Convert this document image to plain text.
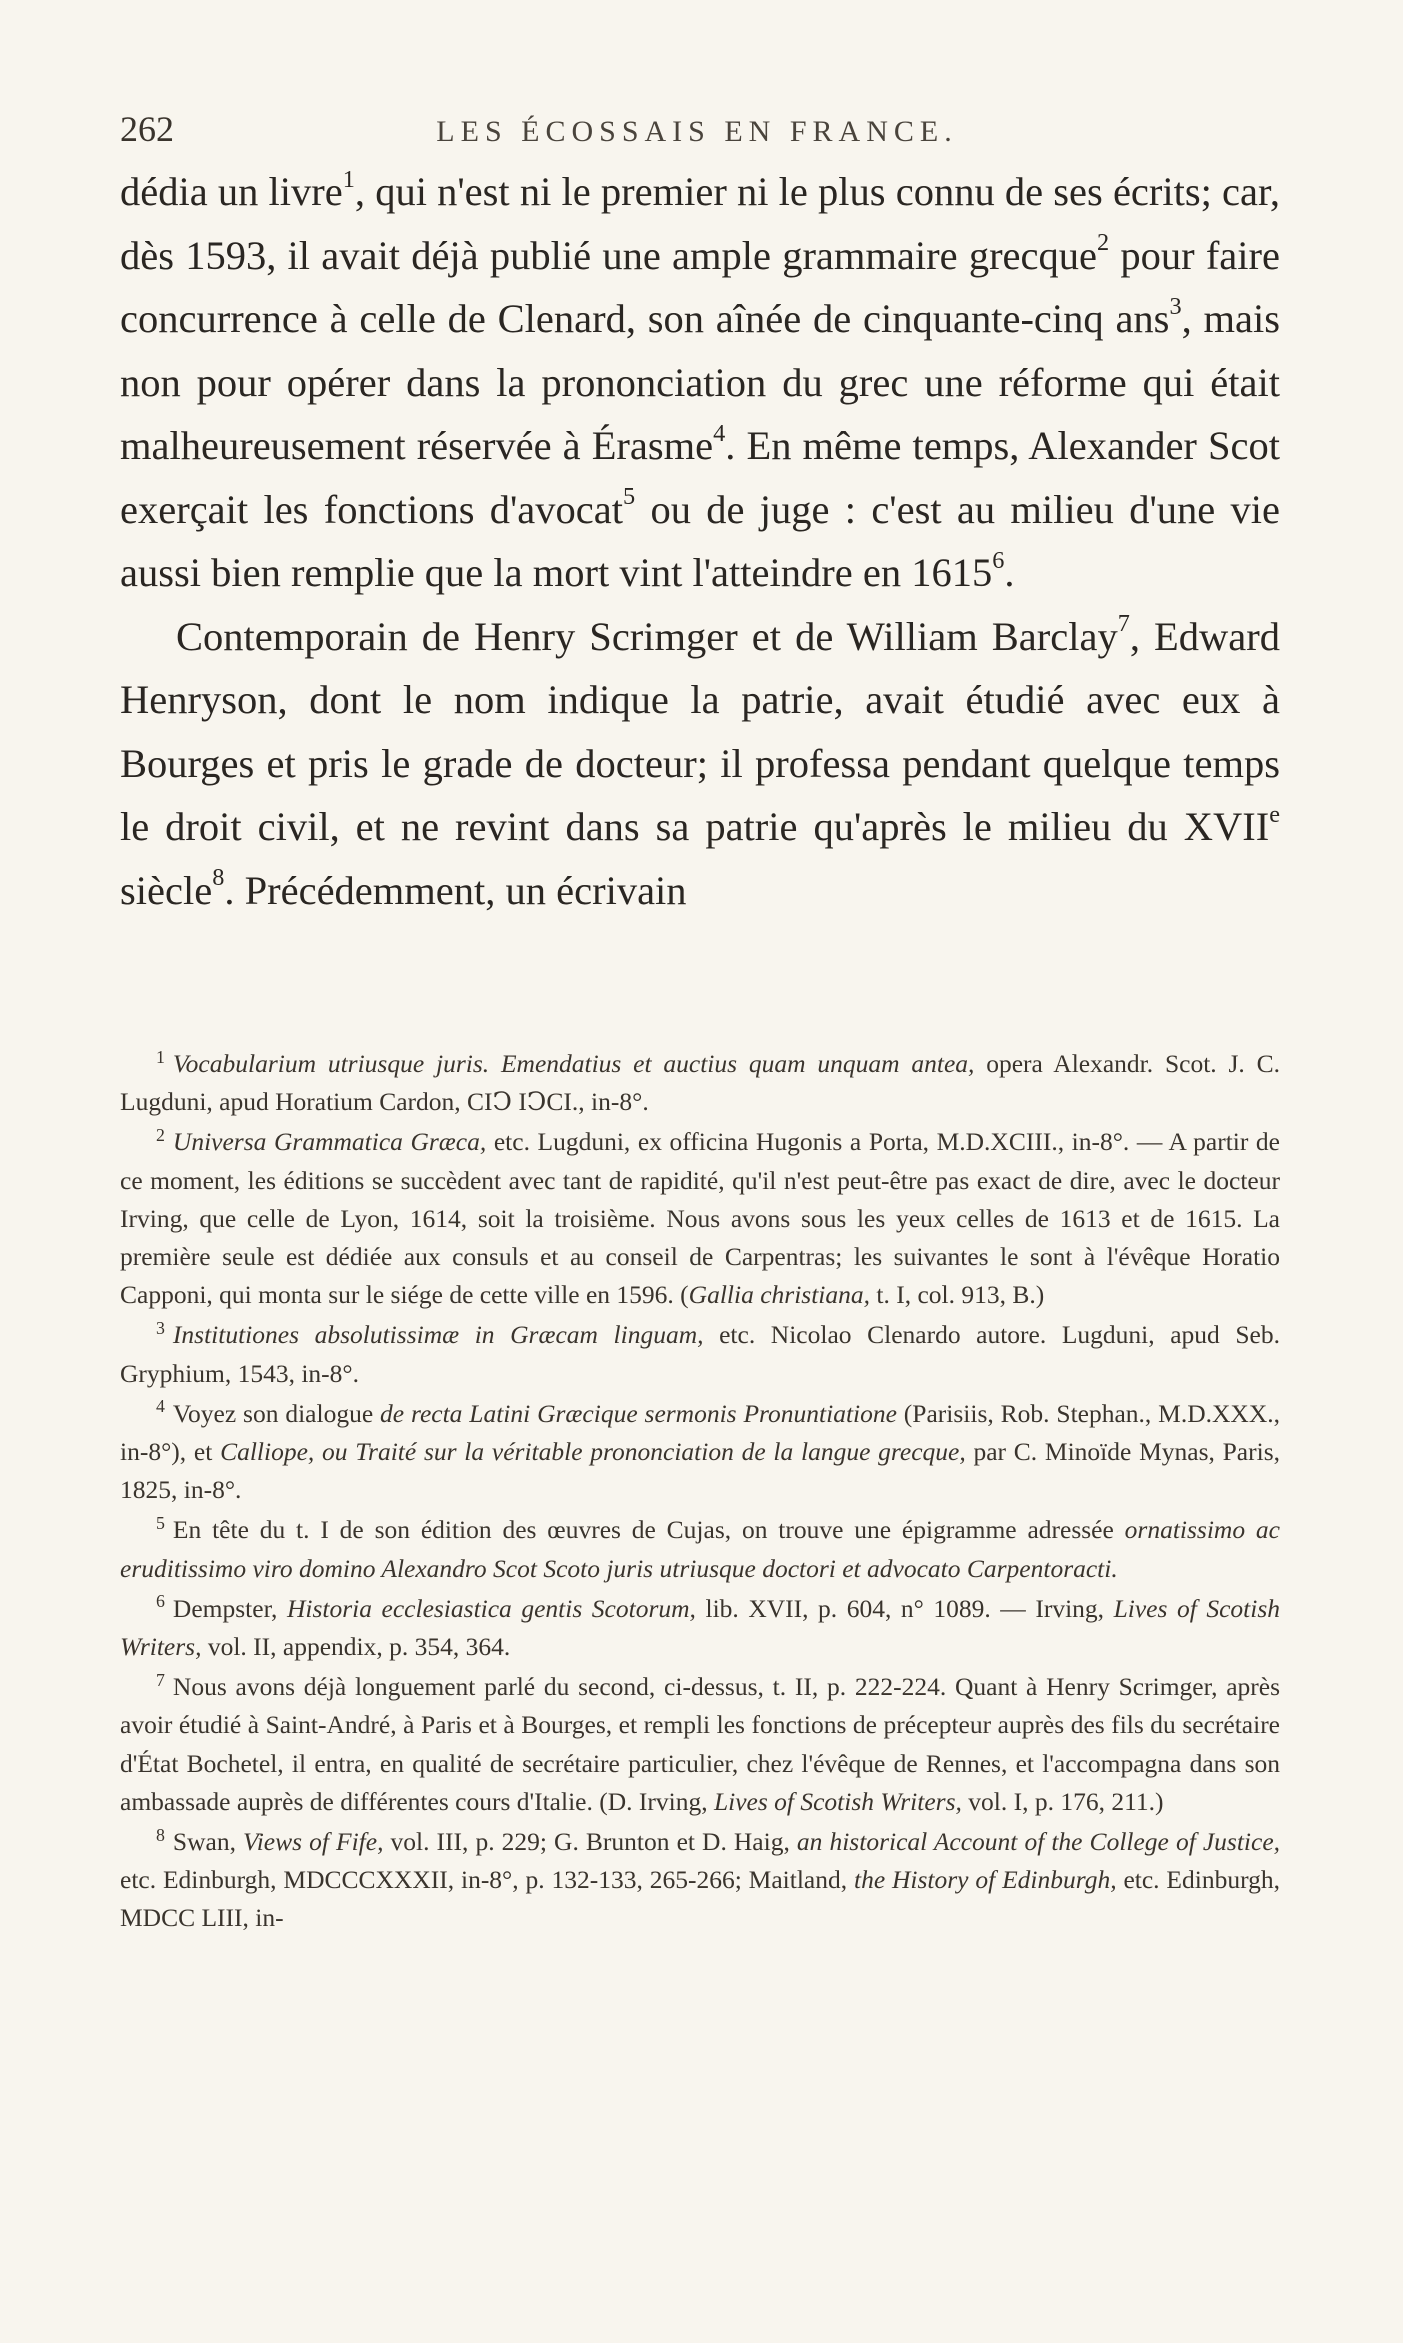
262	LES ÉCOSSAIS EN FRANCE.

dédia un livre$^1$, qui n'est ni le premier ni le plus connu de ses écrits; car, dès 1593, il avait déjà publié une ample grammaire grecque$^2$ pour faire concurrence à celle de Clenard, son aînée de cinquante-cinq ans$^3$, mais non pour opérer dans la prononciation du grec une réforme qui était malheureusement réservée à Érasme$^4$. En même temps, Alexander Scot exerçait les fonctions d'avocat$^5$ ou de juge : c'est au milieu d'une vie aussi bien remplie que la mort vint l'atteindre en 1615$^6$.

Contemporain de Henry Scrimger et de William Barclay$^7$, Edward Henryson, dont le nom indique la patrie, avait étudié avec eux à Bourges et pris le grade de docteur; il professa pendant quelque temps le droit civil, et ne revint dans sa patrie qu'après le milieu du XVIIe siècle$^8$. Précédemment, un écrivain

$^1$ Vocabularium utriusque juris. Emendatius et auctius quam unquam antea, opera Alexandr. Scot. J. C. Lugduni, apud Horatium Cardon, CIↃ IↃCI., in-8°.

$^2$ Universa Grammatica Græca, etc. Lugduni, ex officina Hugonis a Porta, M.D.XCIII., in-8°. — A partir de ce moment, les éditions se succèdent avec tant de rapidité, qu'il n'est peut-être pas exact de dire, avec le docteur Irving, que celle de Lyon, 1614, soit la troisième. Nous avons sous les yeux celles de 1613 et de 1615. La première seule est dédiée aux consuls et au conseil de Carpentras; les suivantes le sont à l'évêque Horatio Capponi, qui monta sur le siége de cette ville en 1596. (Gallia christiana, t. I, col. 913, B.)

$^3$ Institutiones absolutissimæ in Græcam linguam, etc. Nicolao Clenardo autore. Lugduni, apud Seb. Gryphium, 1543, in-8°.

$^4$ Voyez son dialogue de recta Latini Græcique sermonis Pronuntiatione (Parisiis, Rob. Stephan., M.D.XXX., in-8°), et Calliope, ou Traité sur la véritable prononciation de la langue grecque, par C. Minoïde Mynas, Paris, 1825, in-8°.

$^5$ En tête du t. I de son édition des œuvres de Cujas, on trouve une épigramme adressée ornatissimo ac eruditissimo viro domino Alexandro Scot Scoto juris utriusque doctori et advocato Carpentoracti.

$^6$ Dempster, Historia ecclesiastica gentis Scotorum, lib. XVII, p. 604, n° 1089. — Irving, Lives of Scotish Writers, vol. II, appendix, p. 354, 364.

$^7$ Nous avons déjà longuement parlé du second, ci-dessus, t. II, p. 222-224. Quant à Henry Scrimger, après avoir étudié à Saint-André, à Paris et à Bourges, et rempli les fonctions de précepteur auprès des fils du secrétaire d'État Bochetel, il entra, en qualité de secrétaire particulier, chez l'évêque de Rennes, et l'accompagna dans son ambassade auprès de différentes cours d'Italie. (D. Irving, Lives of Scotish Writers, vol. I, p. 176, 211.)

$^8$ Swan, Views of Fife, vol. III, p. 229; G. Brunton et D. Haig, an historical Account of the College of Justice, etc. Edinburgh, MDCCCXXXII, in-8°, p. 132-133, 265-266; Maitland, the History of Edinburgh, etc. Edinburgh, MDCC LIII, in-
